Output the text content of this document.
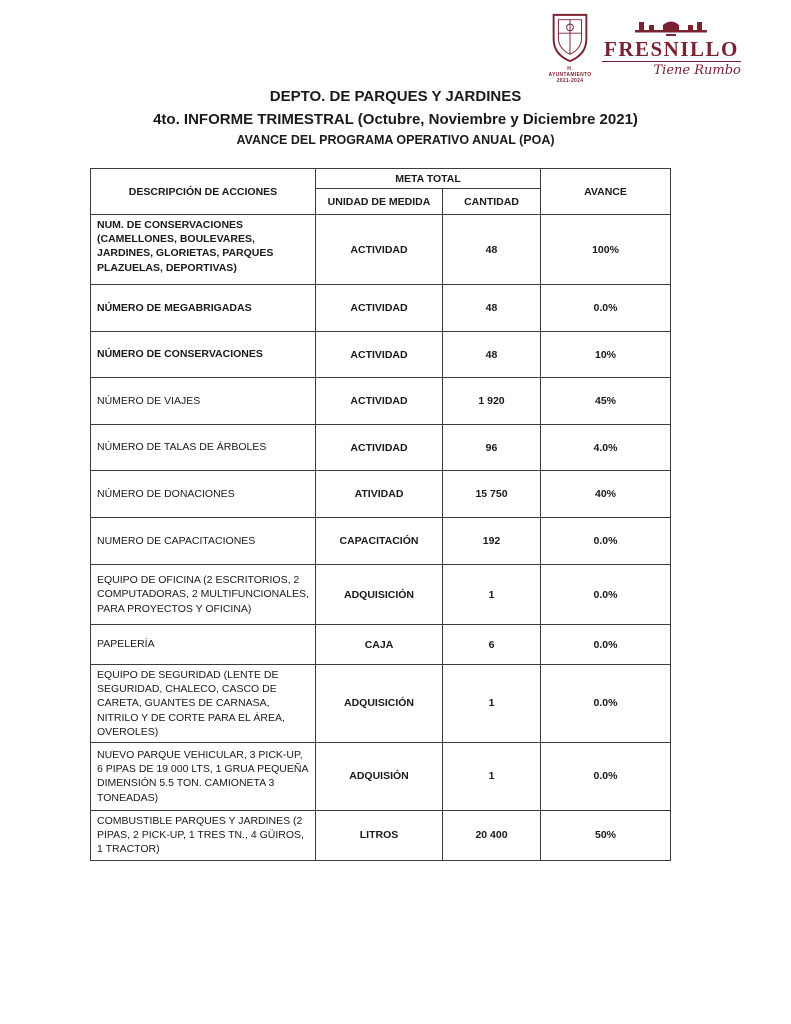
H. AYUNTAMIENTO
2021-2024
FRESNILLO
Tiene Rumbo
DEPTO. DE PARQUES Y JARDINES
4to. INFORME TRIMESTRAL (Octubre, Noviembre y Diciembre 2021)
AVANCE DEL PROGRAMA OPERATIVO ANUAL (POA)
DESCRIPCIÓN DE ACCIONES	META TOTAL		AVANCE
	UNIDAD DE MEDIDA	CANTIDAD	
NUM. DE CONSERVACIONES (CAMELLONES, BOULEVARES, JARDINES, GLORIETAS, PARQUES PLAZUELAS, DEPORTIVAS)	ACTIVIDAD	48	100%
NÚMERO DE MEGABRIGADAS	ACTIVIDAD	48	0.0%
NÚMERO DE CONSERVACIONES	ACTIVIDAD	48	10%
NÚMERO DE VIAJES	ACTIVIDAD	1 920	45%
NÚMERO DE TALAS DE ÁRBOLES	ACTIVIDAD	96	4.0%
NÚMERO DE DONACIONES	ATIVIDAD	15 750	40%
NUMERO DE CAPACITACIONES	CAPACITACIÓN	192	0.0%
EQUIPO DE OFICINA (2 ESCRITORIOS, 2 COMPUTADORAS, 2 MULTIFUNCIONALES, PARA PROYECTOS Y OFICINA)	ADQUISICIÓN	1	0.0%
PAPELERÍA	CAJA	6	0.0%
EQUIPO DE SEGURIDAD (LENTE DE SEGURIDAD, CHALECO, CASCO DE CARETA, GUANTES DE CARNASA, NITRILO Y DE CORTE PARA EL ÁREA, OVEROLES)	ADQUISICIÓN	1	0.0%
NUEVO PARQUE VEHICULAR, 3 PICK-UP, 6 PIPAS DE 19 000 LTS, 1 GRUA PEQUEÑA DIMENSIÓN 5.5 TON. CAMIONETA 3 TONEADAS)	ADQUISIÓN	1	0.0%
COMBUSTIBLE PARQUES Y JARDINES (2 PIPAS, 2 PICK-UP, 1 TRES TN., 4 GÜIROS, 1 TRACTOR)	LITROS	20 400	50%
